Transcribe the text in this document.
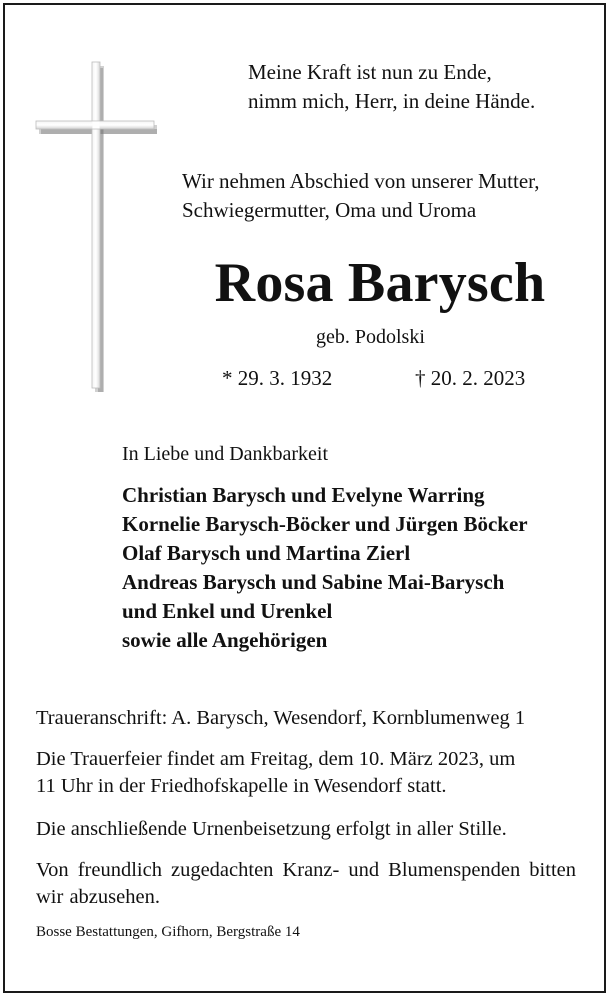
Meine Kraft ist nun zu Ende,
nimm mich, Herr, in deine Hände.
Wir nehmen Abschied von unserer Mutter,
Schwiegermutter, Oma und Uroma
Rosa Barysch
geb. Podolski
* 29. 3. 1932	† 20. 2. 2023
In Liebe und Dankbarkeit
Christian Barysch und Evelyne Warring
Kornelie Barysch-Böcker und Jürgen Böcker
Olaf Barysch und Martina Zierl
Andreas Barysch und Sabine Mai-Barysch
und Enkel und Urenkel
sowie alle Angehörigen
Traueranschrift: A. Barysch, Wesendorf, Kornblumenweg 1
Die Trauerfeier findet am Freitag, dem 10. März 2023, um
11 Uhr in der Friedhofskapelle in Wesendorf statt.
Die anschließende Urnenbeisetzung erfolgt in aller Stille.
Von freundlich zugedachten Kranz- und Blumenspenden bitten wir abzusehen.
Bosse Bestattungen, Gifhorn, Bergstraße 14
